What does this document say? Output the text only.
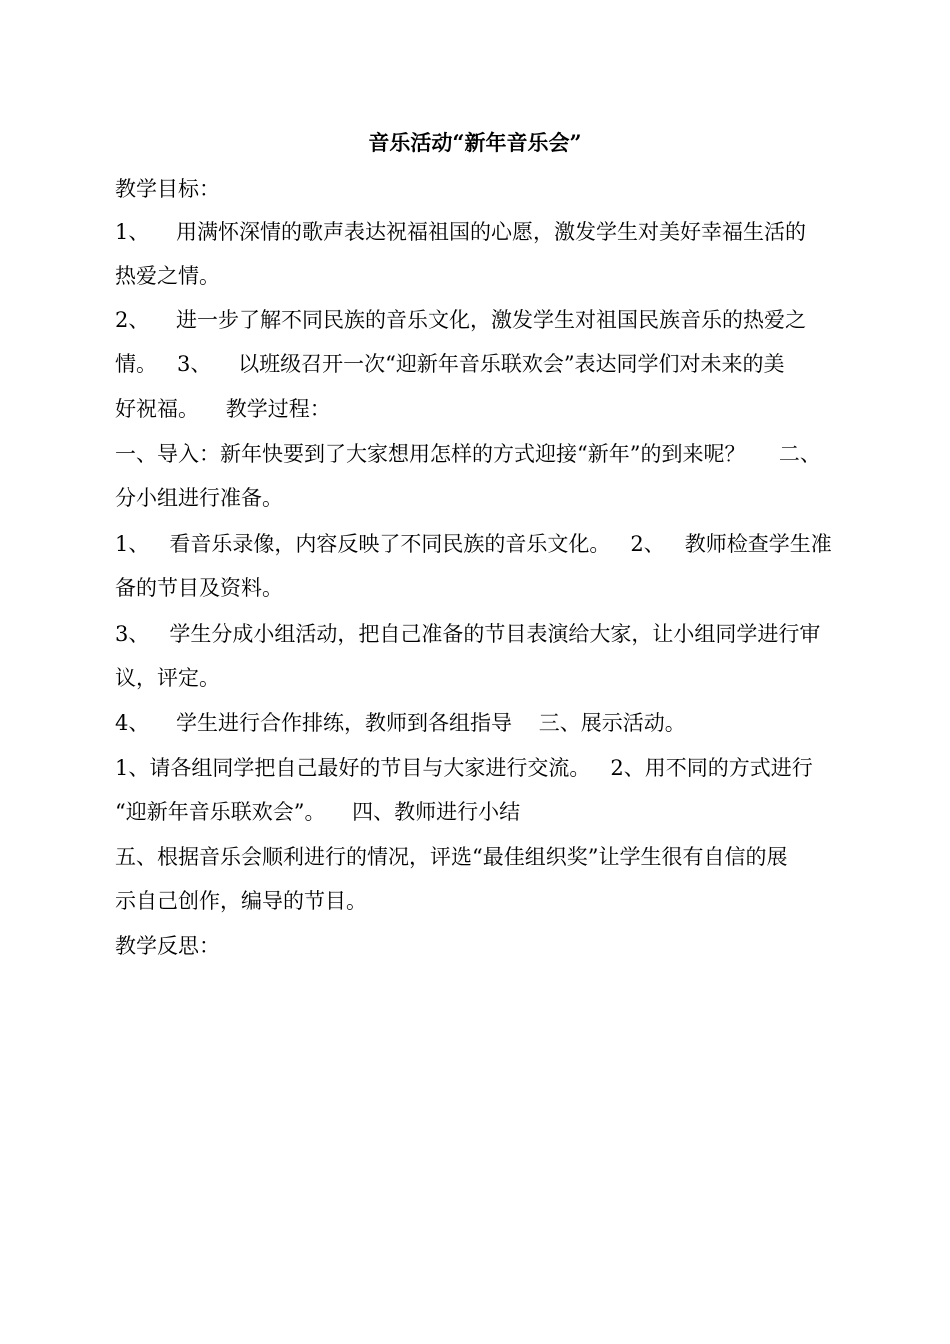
音乐活动“新年音乐会”
教学目标：
1、    用满怀深情的歌声表达祝福祖国的心愿，激发学生对美好幸福生活的
热爱之情。
2、    进一步了解不同民族的音乐文化，激发学生对祖国民族音乐的热爱之
情。   3、    以班级召开一次“迎新年音乐联欢会”表达同学们对未来的美
好祝福。    教学过程：
一、导入：新年快要到了大家想用怎样的方式迎接“新年”的到来呢？     二、
分小组进行准备。
1、   看音乐录像，内容反映了不同民族的音乐文化。   2、   教师检查学生准
备的节目及资料。
3、   学生分成小组活动，把自己准备的节目表演给大家，让小组同学进行审
议，评定。
4、    学生进行合作排练，教师到各组指导    三、展示活动。
1、请各组同学把自己最好的节目与大家进行交流。   2、用不同的方式进行
“迎新年音乐联欢会”。    四、教师进行小结
五、根据音乐会顺利进行的情况，评选“最佳组织奖”让学生很有自信的展
示自己创作，编导的节目。
教学反思：
